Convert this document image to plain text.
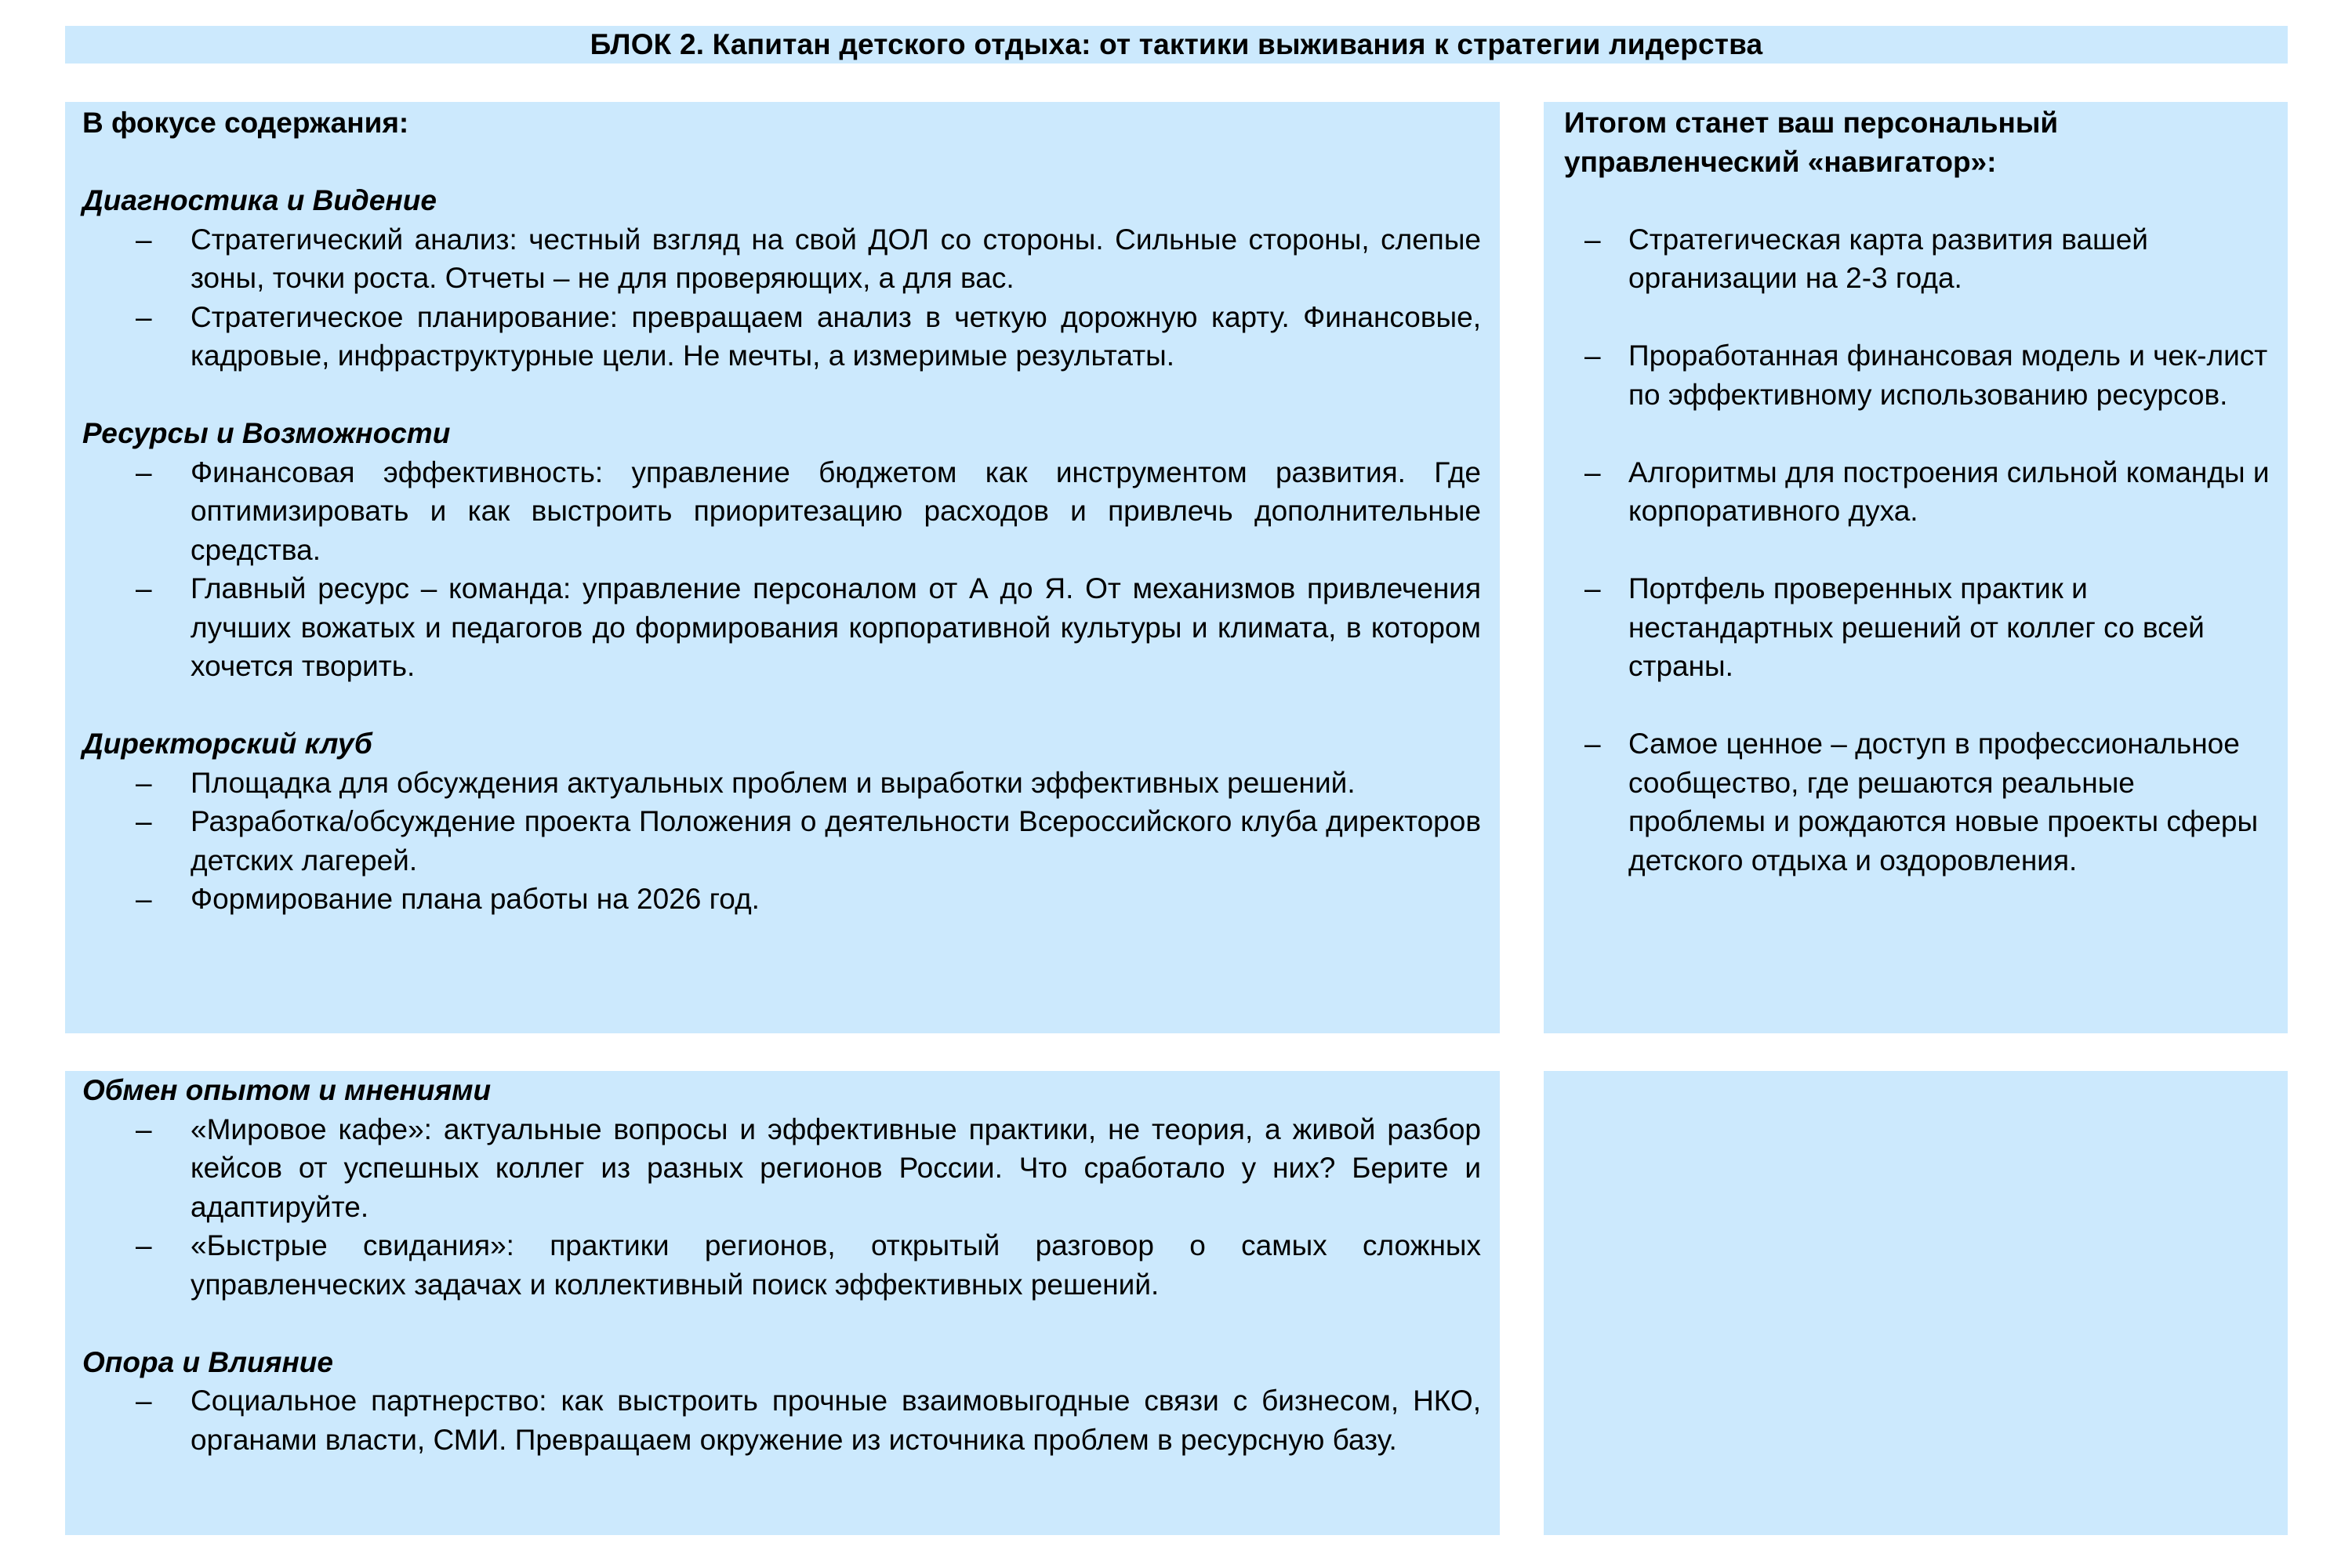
БЛОК 2. Капитан детского отдыха: от тактики выживания к стратегии лидерства
В фокусе содержания:
Диагностика и Видение
– Стратегический анализ: честный взгляд на свой ДОЛ со стороны. Сильные стороны, слепые зоны, точки роста. Отчеты – не для проверяющих, а для вас.
– Стратегическое планирование: превращаем анализ в четкую дорожную карту. Финансовые, кадровые, инфраструктурные цели. Не мечты, а измеримые результаты.
Ресурсы и Возможности
– Финансовая эффективность: управление бюджетом как инструментом развития. Где оптимизировать и как выстроить приоритезацию расходов и привлечь дополнительные средства.
– Главный ресурс – команда: управление персоналом от А до Я. От механизмов привлечения лучших вожатых и педагогов до формирования корпоративной культуры и климата, в котором хочется творить.
Директорский клуб
– Площадка для обсуждения актуальных проблем и выработки эффективных решений.
– Разработка/обсуждение проекта Положения о деятельности Всероссийского клуба директоров детских лагерей.
– Формирование плана работы на 2026 год.
Итогом станет ваш персональный управленческий «навигатор»:
– Стратегическая карта развития вашей организации на 2-3 года.
– Проработанная финансовая модель и чек-лист по эффективному использованию ресурсов.
– Алгоритмы для построения сильной команды и корпоративного духа.
– Портфель проверенных практик и нестандартных решений от коллег со всей страны.
– Самое ценное – доступ в профессиональное сообщество, где решаются реальные проблемы и рождаются новые проекты сферы детского отдыха и оздоровления.
Обмен опытом и мнениями
– «Мировое кафе»: актуальные вопросы и эффективные практики, не теория, а живой разбор кейсов от успешных коллег из разных регионов России. Что сработало у них? Берите и адаптируйте.
– «Быстрые свидания»: практики регионов, открытый разговор о самых сложных управленческих задачах и коллективный поиск эффективных решений.
Опора и Влияние
– Социальное партнерство: как выстроить прочные взаимовыгодные связи с бизнесом, НКО, органами власти, СМИ. Превращаем окружение из источника проблем в ресурсную базу.
